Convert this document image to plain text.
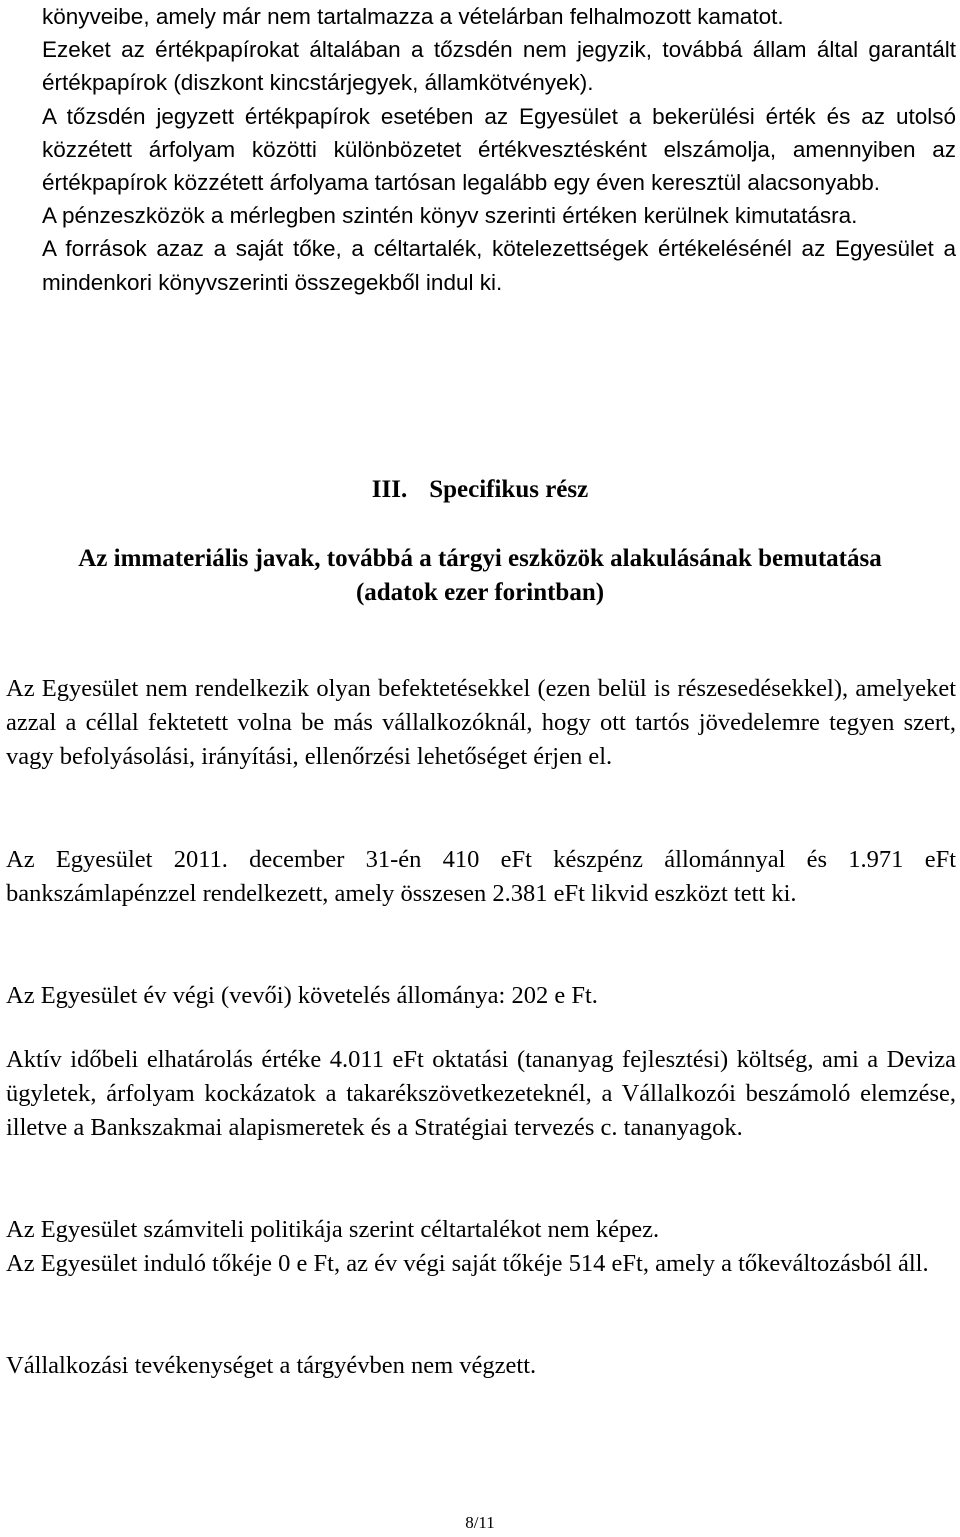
könyveibe, amely már nem tartalmazza a vételárban felhalmozott kamatot.

Ezeket az értékpapírokat általában a tőzsdén nem jegyzik, továbbá állam által garantált értékpapírok (diszkont kincstárjegyek, államkötvények).

A tőzsdén jegyzett értékpapírok esetében az Egyesület a bekerülési érték és az utolsó közzétett árfolyam közötti különbözetet értékvesztésként elszámolja, amennyiben az értékpapírok közzétett árfolyama tartósan legalább egy éven keresztül alacsonyabb.

A pénzeszközök a mérlegben szintén könyv szerinti értéken kerülnek kimutatásra.

A források azaz a saját tőke, a céltartalék, kötelezettségek értékelésénél az Egyesület a mindenkori könyvszerinti összegekből indul ki.

III. Specifikus rész

Az immateriális javak, továbbá a tárgyi eszközök alakulásának bemutatása

(adatok ezer forintban)

Az Egyesület nem rendelkezik olyan befektetésekkel (ezen belül is részesedésekkel), amelyeket azzal a céllal fektetett volna be más vállalkozóknál, hogy ott tartós jövedelemre tegyen szert, vagy befolyásolási, irányítási, ellenőrzési lehetőséget érjen el.

Az Egyesület 2011. december 31-én 410 eFt készpénz állománnyal és 1.971 eFt bankszámlapénzzel rendelkezett, amely összesen 2.381 eFt likvid eszközt tett ki.

Az Egyesület év végi (vevői) követelés állománya: 202 e Ft.

Aktív időbeli elhatárolás értéke 4.011 eFt oktatási (tananyag fejlesztési) költség, ami a Deviza ügyletek, árfolyam kockázatok a takarékszövetkezeteknél, a Vállalkozói beszámoló elemzése, illetve a Bankszakmai alapismeretek és a Stratégiai tervezés c. tananyagok.

Az Egyesület számviteli politikája szerint céltartalékot nem képez.

Az Egyesület induló tőkéje 0 e Ft, az év végi saját tőkéje 514 eFt, amely a tőkeváltozásból áll.

Vállalkozási tevékenységet a tárgyévben nem végzett.

8/11
